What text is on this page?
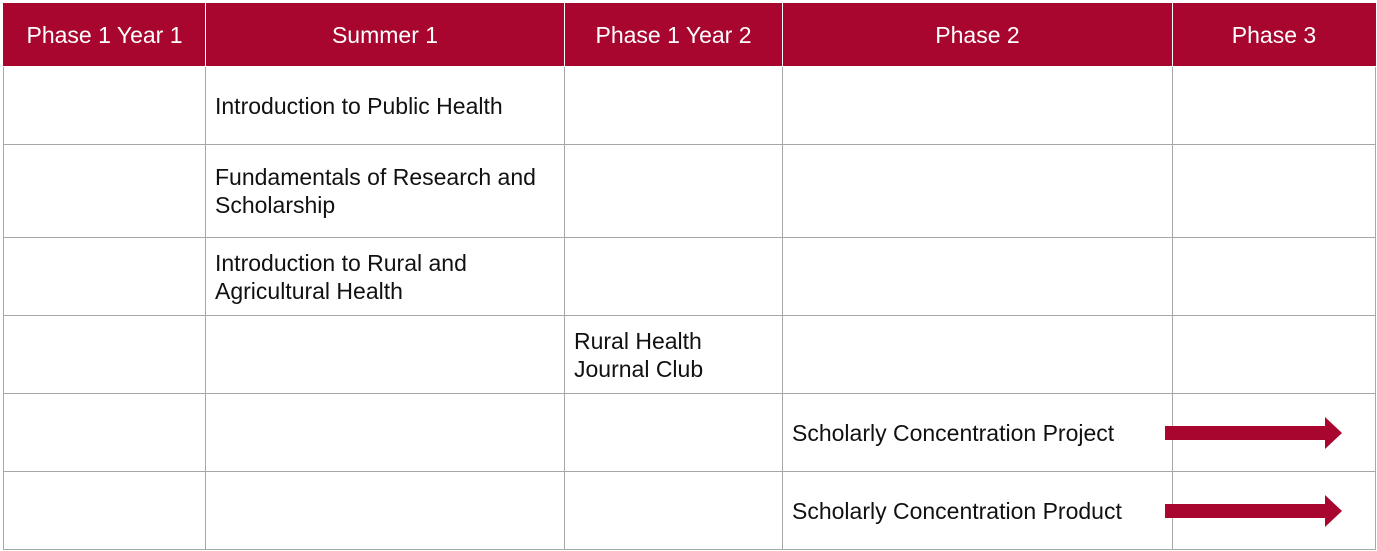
Phase 1 Year 1	Summer 1	Phase 1 Year 2	Phase 2	Phase 3
	Introduction to Public Health			
	Fundamentals of Research and Scholarship			
	Introduction to Rural and Agricultural Health			
		Rural Health Journal Club		
			Scholarly Concentration Project	

			Scholarly Concentration Product	
